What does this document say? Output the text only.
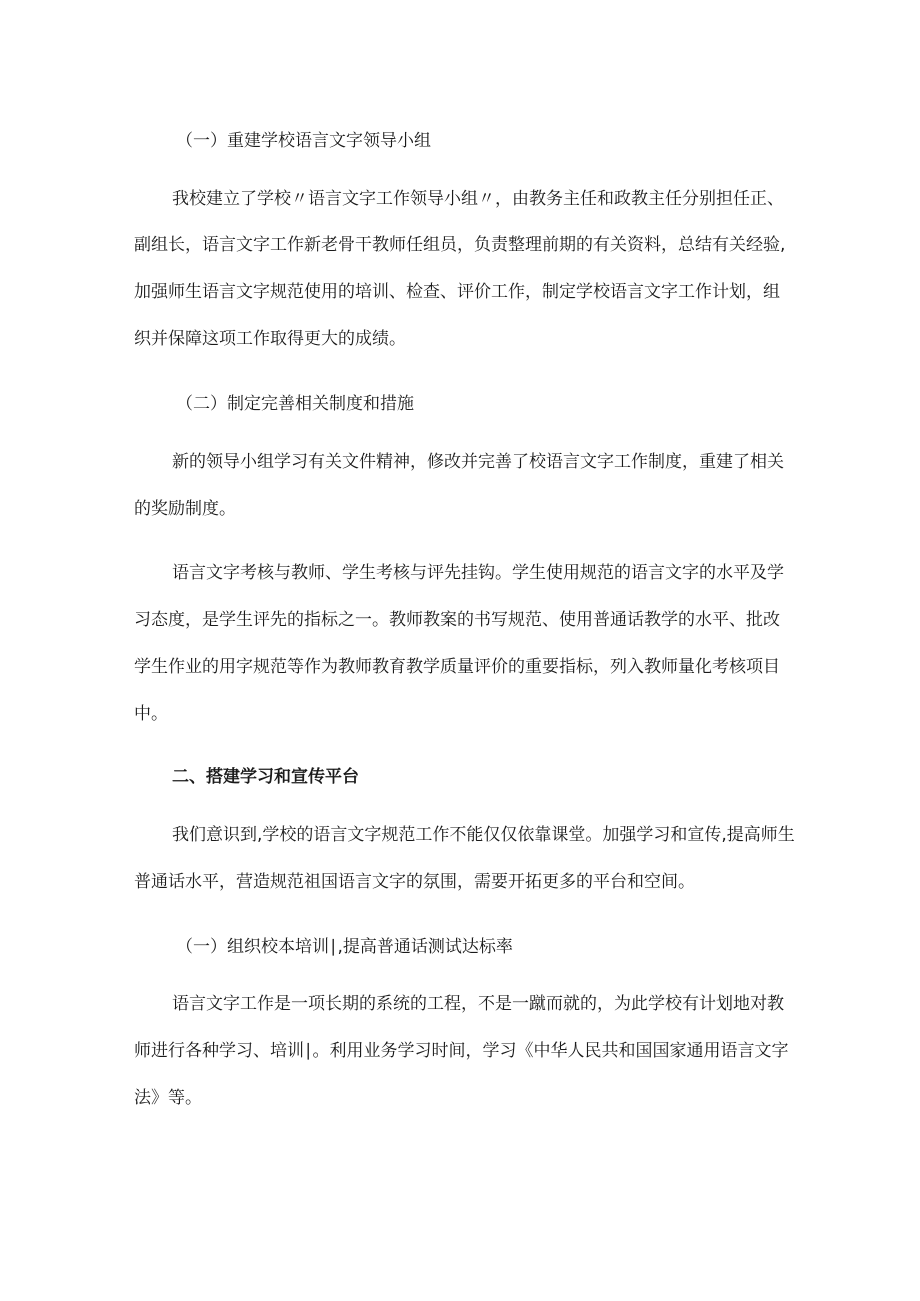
（一）重建学校语言文字领导小组
我校建立了学校〃语言文字工作领导小组〃，由教务主任和政教主任分别担任正、
副组长，语言文字工作新老骨干教师任组员，负责整理前期的有关资料，总结有关经验,
加强师生语言文字规范使用的培训、检查、评价工作，制定学校语言文字工作计划，组
织并保障这项工作取得更大的成绩。
（二）制定完善相关制度和措施
新的领导小组学习有关文件精神，修改并完善了校语言文字工作制度，重建了相关
的奖励制度。
语言文字考核与教师、学生考核与评先挂钩。学生使用规范的语言文字的水平及学
习态度，是学生评先的指标之一。教师教案的书写规范、使用普通话教学的水平、批改
学生作业的用字规范等作为教师教育教学质量评价的重要指标，列入教师量化考核项目
中。
二、搭建学习和宣传平台
我们意识到,学校的语言文字规范工作不能仅仅依靠课堂。加强学习和宣传,提高师生
普通话水平，营造规范祖国语言文字的氛围，需要开拓更多的平台和空间。
（一）组织校本培训∣,提高普通话测试达标率
语言文字工作是一项长期的系统的工程，不是一蹴而就的，为此学校有计划地对教
师进行各种学习、培训∣。利用业务学习时间，学习《中华人民共和国国家通用语言文字
法》等。
